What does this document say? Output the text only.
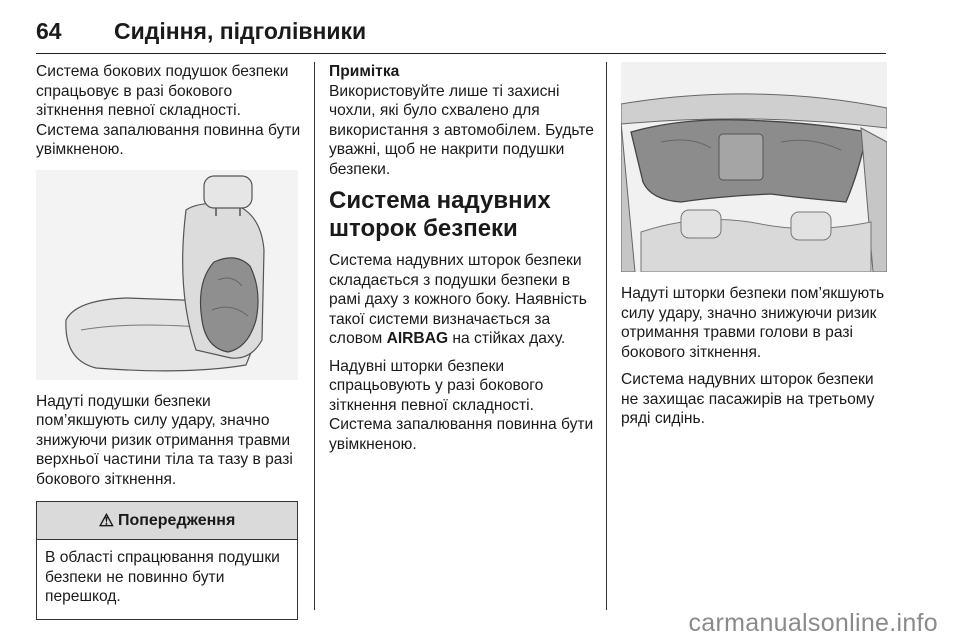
64 Сидіння, підголівники

Система бокових подушок безпеки спрацьовує в разі бокового зіткнення певної складності. Система запалювання повинна бути увімкненою.

Надуті подушки безпеки пом’якшують силу удару, значно знижуючи ризик отримання травми верхньої частини тіла та тазу в разі бокового зіткнення.

⚠ Попередження
В області спрацювання подушки безпеки не повинно бути перешкод.
Примітка

Використовуйте лише ті захисні чохли, які було схвалено для використання з автомобілем. Будьте уважні, щоб не накрити подушки безпеки.

Система надувних шторок безпеки

Система надувних шторок безпеки складається з подушки безпеки в рамі даху з кожного боку. Наявність такої системи визначається за словом AIRBAG на стійках даху.

Надувні шторки безпеки спрацьовують у разі бокового зіткнення певної складності. Система запалювання повинна бути увімкненою.

Надуті шторки безпеки пом’якшують силу удару, значно знижуючи ризик отримання травми голови в разі бокового зіткнення.

Система надувних шторок безпеки не захищає пасажирів на третьому ряді сидінь.

carmanualsonline.info
